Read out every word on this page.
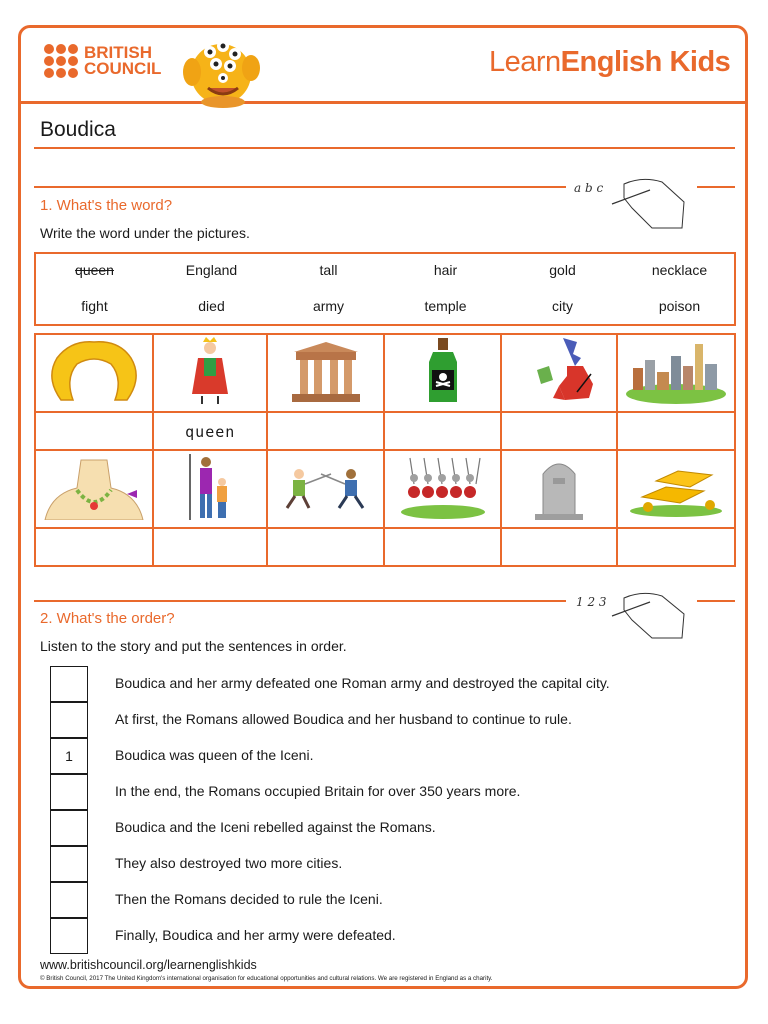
BRITISH
COUNCIL	LearnEnglish Kids
Boudica
a b c
1. What's the word?
Write the word under the pictures.
queen	England	tall	hair	gold	necklace
fight	died	army	temple	city	poison

	queen				

1 2 3
2. What's the order?
Listen to the story and put the sentences in order.
Boudica and her army defeated one Roman army and destroyed the capital city.
At first, the Romans allowed Boudica and her husband to continue to rule.
1	Boudica was queen of the Iceni.
In the end, the Romans occupied Britain for over 350 years more.
Boudica and the Iceni rebelled against the Romans.
They also destroyed two more cities.
Then the Romans decided to rule the Iceni.
Finally, Boudica and her army were defeated.
www.britishcouncil.org/learnenglishkids
© British Council, 2017 The United Kingdom's international organisation for educational opportunities and cultural relations. We are registered in England as a charity.
